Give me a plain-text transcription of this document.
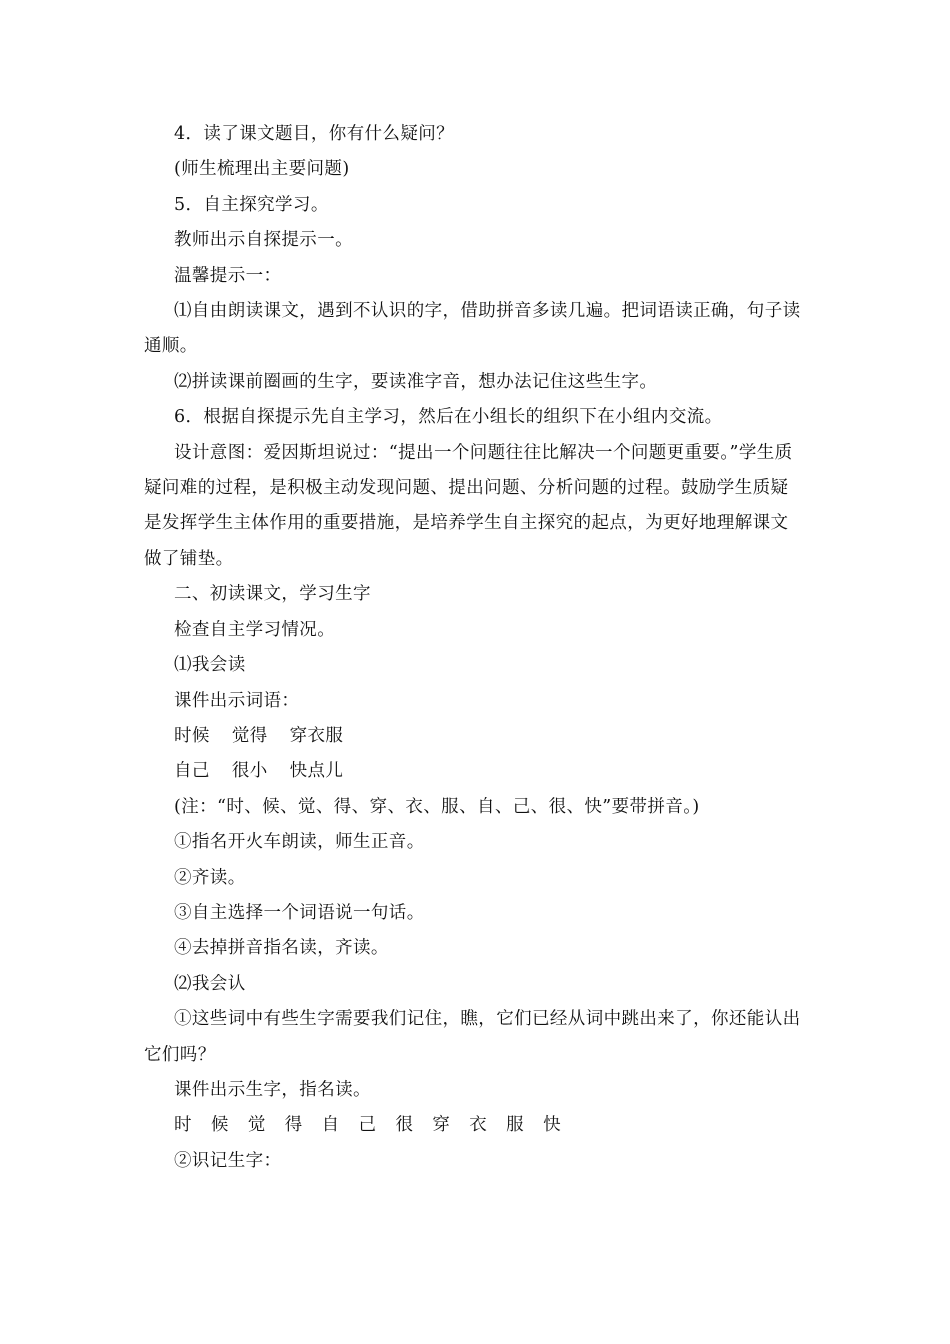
4．读了课文题目，你有什么疑问？

(师生梳理出主要问题)

5．自主探究学习。

教师出示自探提示一。

温馨提示一：

⑴自由朗读课文，遇到不认识的字，借助拼音多读几遍。把词语读正确，句子读通顺。

⑵拼读课前圈画的生字，要读准字音，想办法记住这些生字。

6．根据自探提示先自主学习，然后在小组长的组织下在小组内交流。

设计意图：爱因斯坦说过：“提出一个问题往往比解决一个问题更重要。”学生质疑问难的过程，是积极主动发现问题、提出问题、分析问题的过程。鼓励学生质疑是发挥学生主体作用的重要措施，是培养学生自主探究的起点，为更好地理解课文做了铺垫。

二、初读课文，学习生字

检查自主学习情况。

⑴我会读

课件出示词语：

时候 觉得 穿衣服

自己 很小 快点儿

(注：“时、候、觉、得、穿、衣、服、自、己、很、快”要带拼音。)

①指名开火车朗读，师生正音。

②齐读。

③自主选择一个词语说一句话。

④去掉拼音指名读，齐读。

⑵我会认

①这些词中有些生字需要我们记住，瞧，它们已经从词中跳出来了，你还能认出它们吗？

课件出示生字，指名读。

时 候 觉 得 自 己 很 穿 衣 服 快

②识记生字：
